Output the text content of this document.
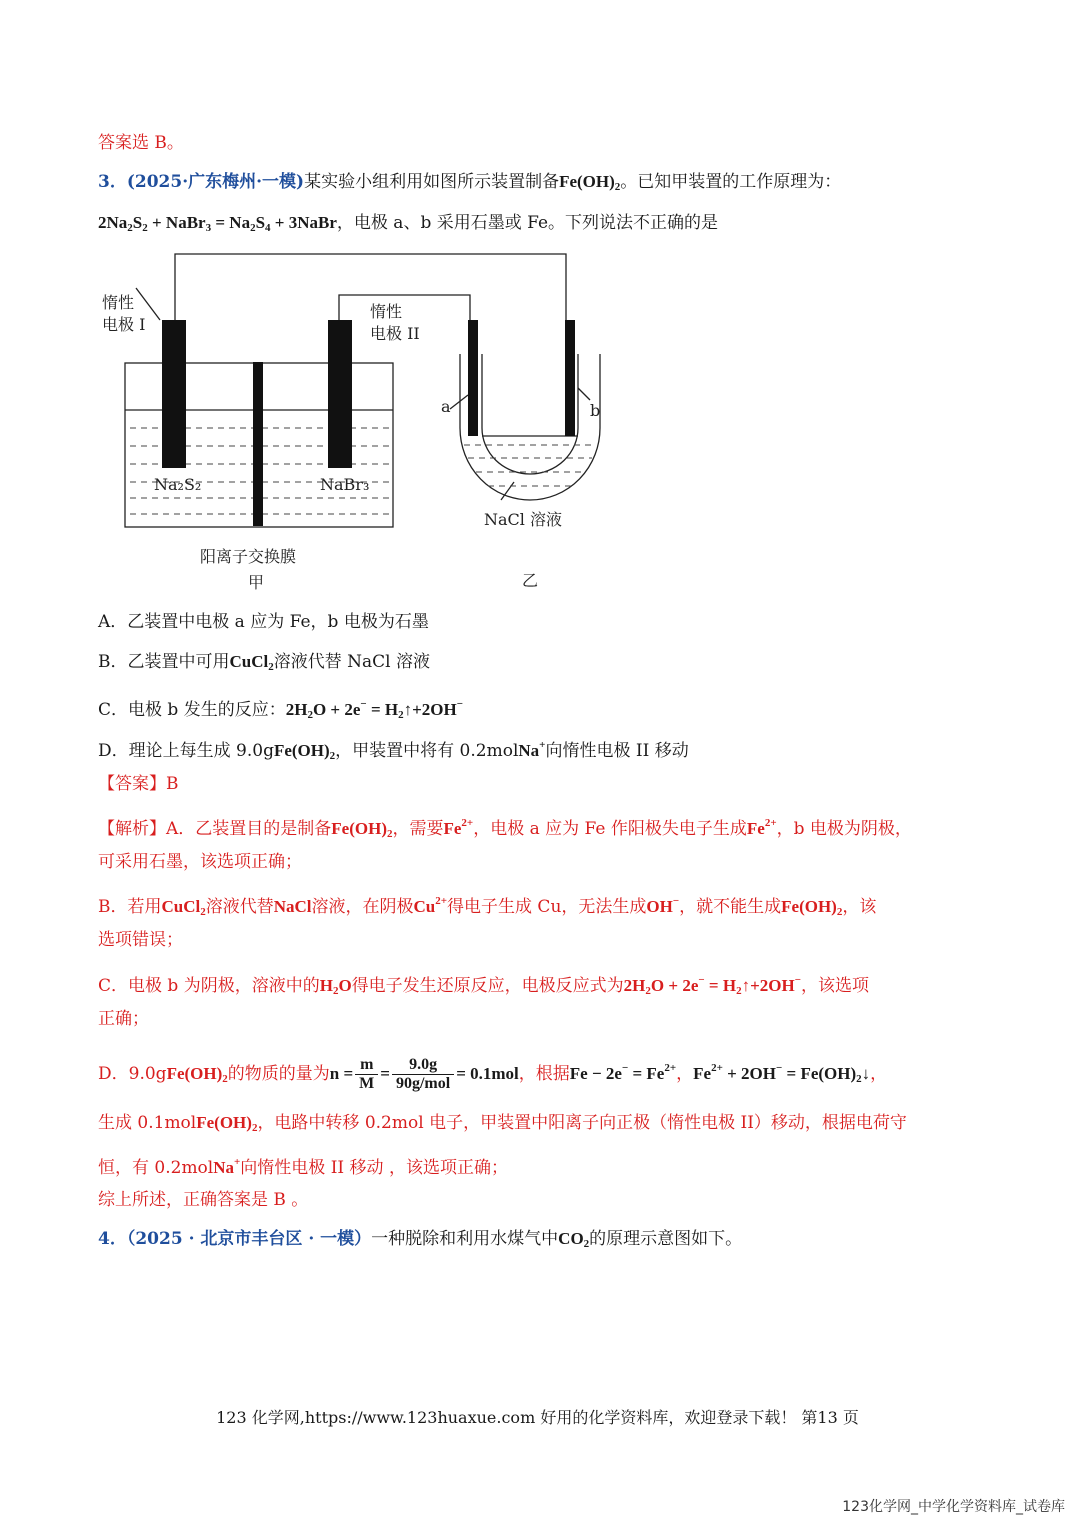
答案选 B。
3．(2025·广东梅州·一模)某实验小组利用如图所示装置制备$Fe(OH)_2$。已知甲装置的工作原理为：
$2Na_2S_2$ + NaBr$_3$ = $Na_2S_4$ + 3NaBr，电极 a、b 采用石墨或 Fe。下列说法不正确的是
惰性
电极 I
惰性
电极 II
Na₂S₂	NaBr₃
阳离子交换膜
甲
a	b
NaCl 溶液
乙
A．乙装置中电极 a 应为 Fe，b 电极为石墨
B．乙装置中可用CuCl$_2$溶液代替 NaCl 溶液
C．电极 b 发生的反应：$2H_2O + 2e^-$ = $H_2↑+2OH^-$
D．理论上每生成 $9.0gFe(OH)_2$，甲装置中将有 0.2molNa+向惰性电极 II 移动
【答案】B
【解析】A．乙装置目的是制备$Fe(OH)_2$，需要$Fe^{2+}$，电极 a 应为 Fe 作阳极失电子生成$Fe^{2+}$，b 电极为阴极，
可采用石墨，该选项正确；
B．若用CuCl$_2$溶液代替NaCl溶液，在阴极$Cu^{2+}$得电子生成 Cu，无法生成OH−，就不能生成$Fe(OH)_2$，该
选项错误；
C．电极 b 为阴极，溶液中的$H_2O$得电子发生还原反应，电极反应式为$2H_2O + 2e^-$ = $H_2↑+2OH^-$，该选项
正确；
D．$9.0gFe(OH)_2$的物质的量为$n = \frac{m}{M} = \frac{9.0g}{\text{90g/mol}} = 0.1mol$，根据$Fe - 2e^- = Fe^{2+}$，$Fe^{2+} + 2OH^-$ = $Fe(OH)_2↓$，
生成 $0.1molFe(OH)_2$，电路中转移 0.2mol 电子，甲装置中阳离子向正极（惰性电极 II）移动，根据电荷守
恒，有 0.2molNa+向惰性电极 II 移动 ，该选项正确；
综上所述，正确答案是 B 。
4．（2025 · 北京市丰台区 · 一模）一种脱除和利用水煤气中$CO_2$的原理示意图如下。
123 化学网,https://www.123huaxue.com 好用的化学资料库，欢迎登录下载！ 第13 页
123化学网_中学化学资料库_试卷库
